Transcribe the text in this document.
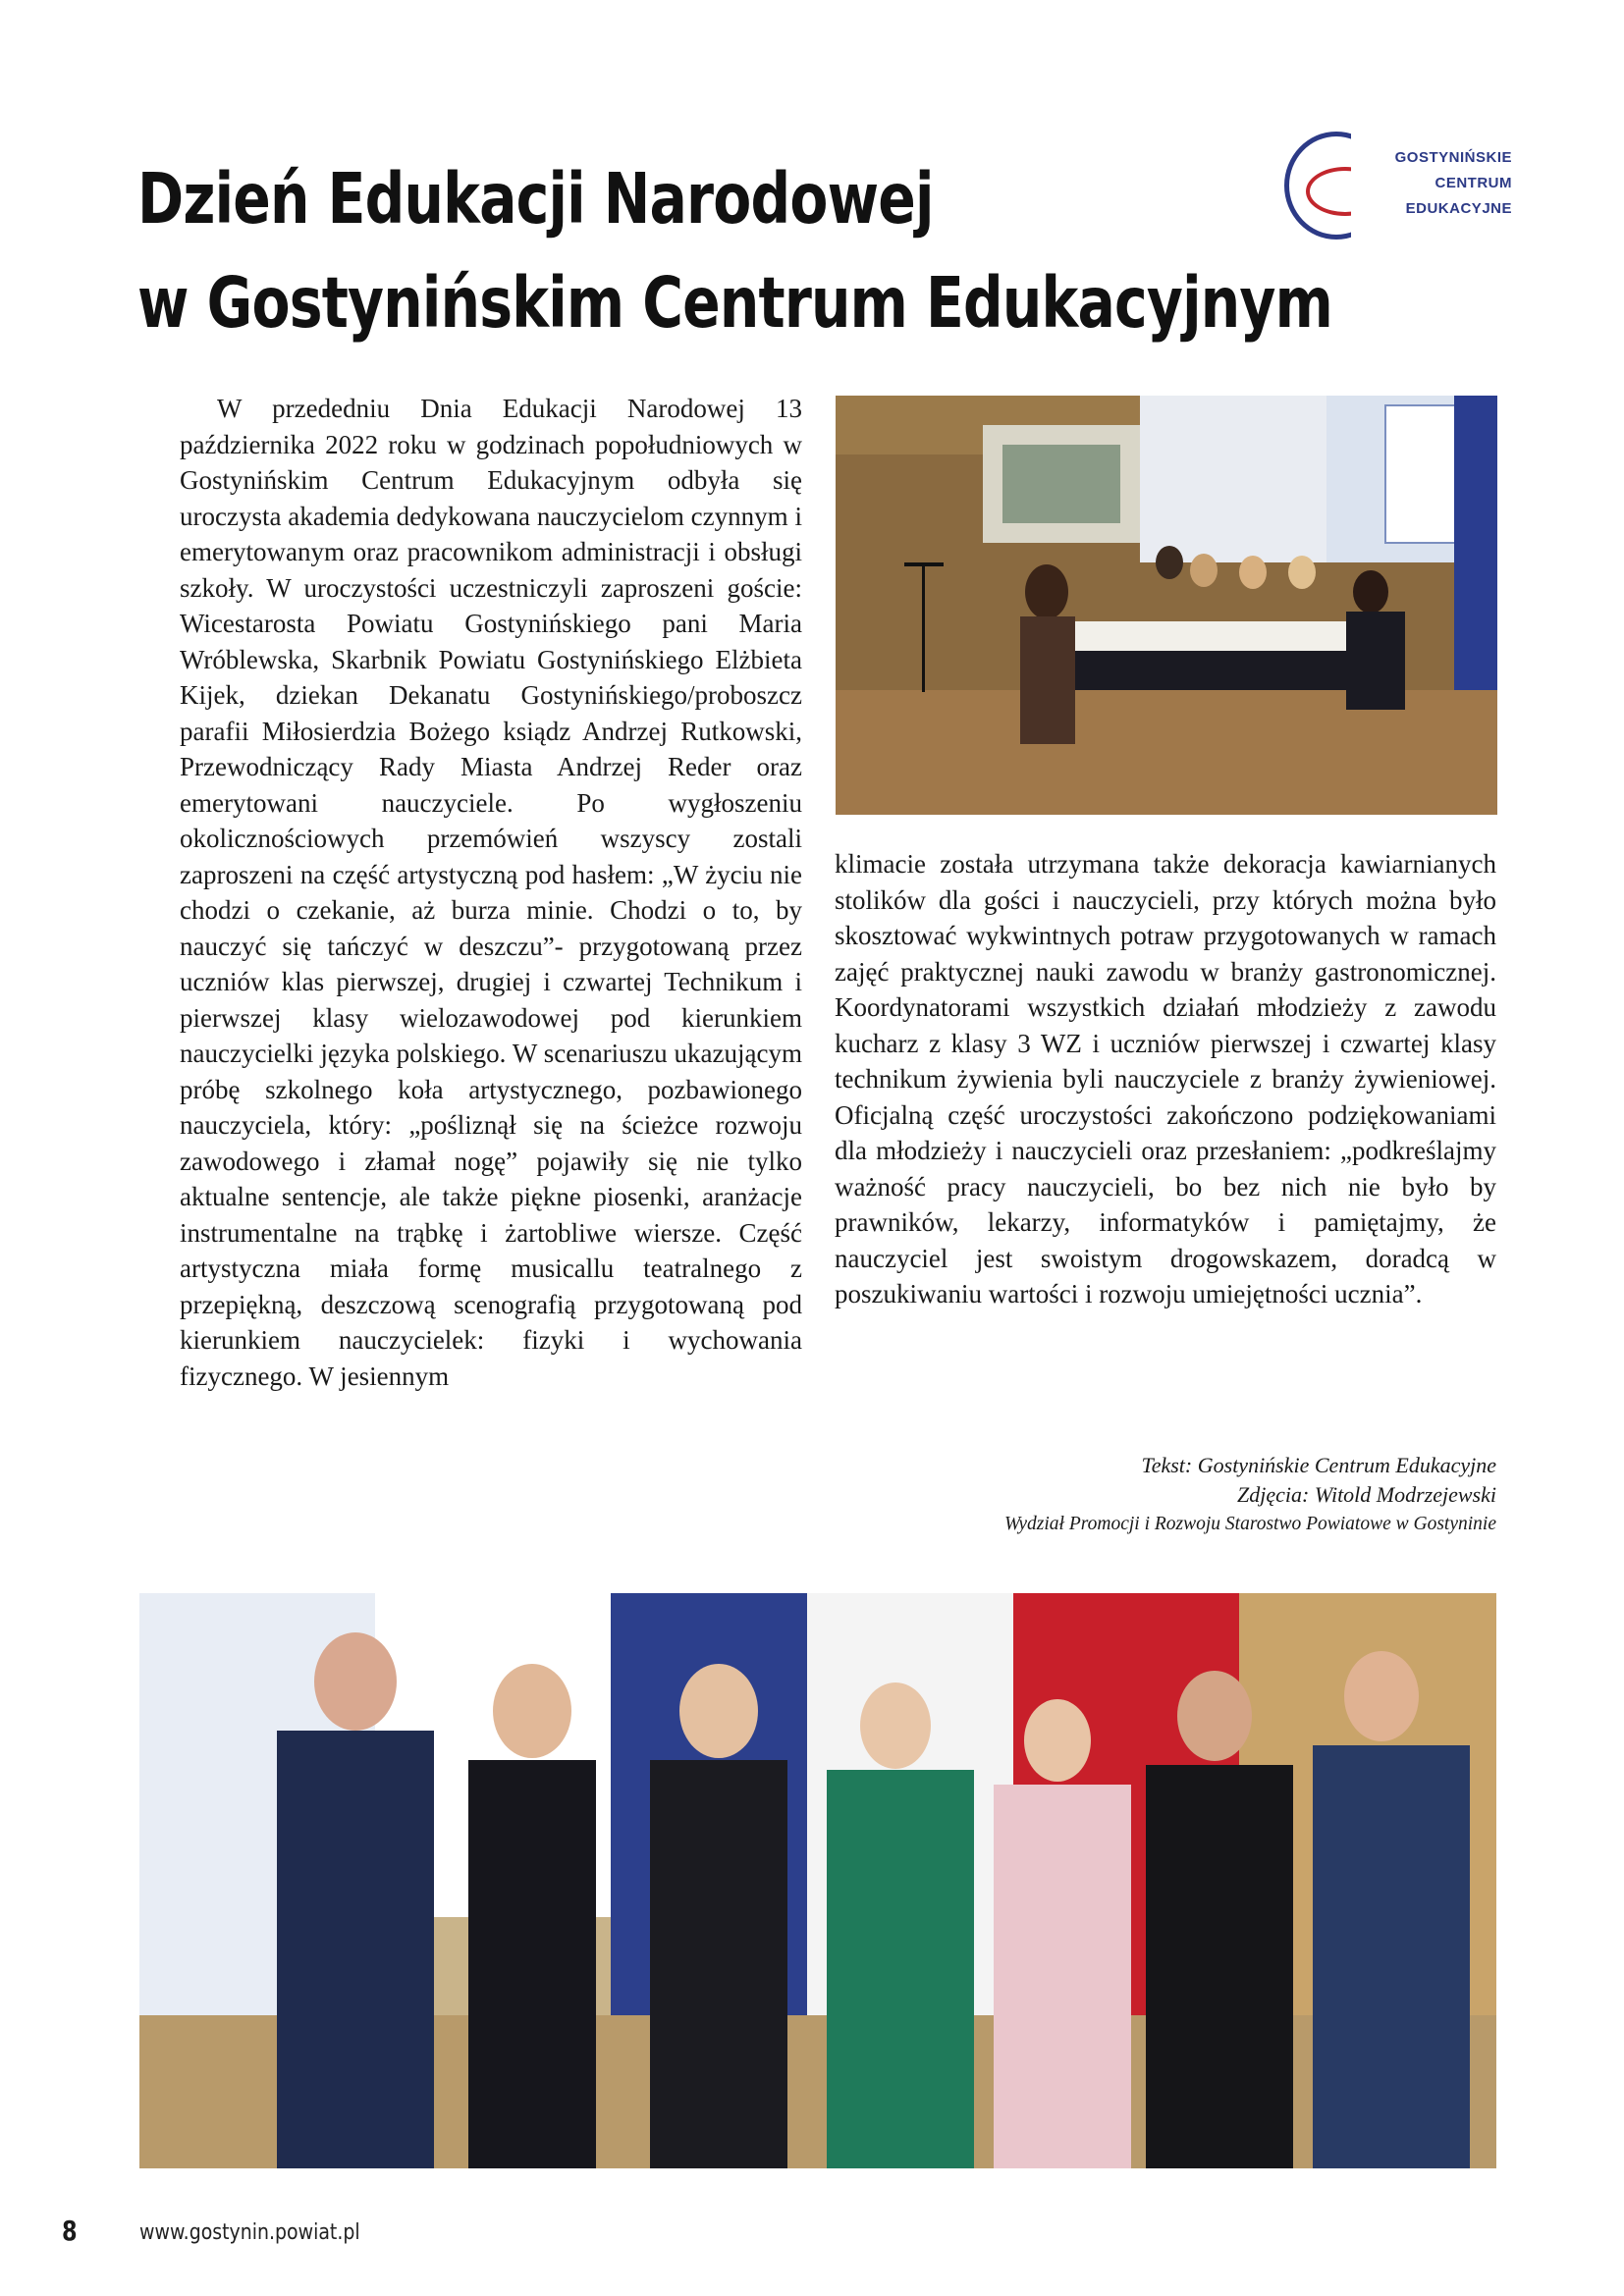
Dzień Edukacji Narodowej
w Gostynińskim Centrum Edukacyjnym
GOSTYNIŃSKIE
CENTRUM
EDUKACYJNE

W przededniu Dnia Edukacji Narodowej 13 października 2022 roku w godzinach popołudniowych w Gostynińskim Centrum Edukacyjnym odbyła się uroczysta akademia dedykowana nauczycielom czynnym i emerytowanym oraz pracownikom administracji i obsługi szkoły. W uroczystości uczestniczyli zaproszeni goście: Wicestarosta Powiatu Gostynińskiego pani Maria Wróblewska, Skarbnik Powiatu Gostynińskiego Elżbieta Kijek, dziekan Dekanatu Gostynińskiego/proboszcz parafii Miłosierdzia Bożego ksiądz Andrzej Rutkowski, Przewodniczący Rady Miasta Andrzej Reder oraz emerytowani nauczyciele. Po wygłoszeniu okolicznościowych przemówień wszyscy zostali zaproszeni na część artystyczną pod hasłem: „W życiu nie chodzi o czekanie, aż burza minie. Chodzi o to, by nauczyć się tańczyć w deszczu”- przygotowaną przez uczniów klas pierwszej, drugiej i czwartej Technikum i pierwszej klasy wielozawodowej pod kierunkiem nauczycielki języka polskiego. W scenariuszu ukazującym próbę szkolnego koła artystycznego, pozbawionego nauczyciela, który: „pośliznął się na ścieżce rozwoju zawodowego i złamał nogę” pojawiły się nie tylko aktualne sentencje, ale także piękne piosenki, aranżacje instrumentalne na trąbkę i żartobliwe wiersze. Część artystyczna miała formę musicallu teatralnego z przepiękną, deszczową scenografią przygotowaną pod kierunkiem nauczycielek: fizyki i wychowania fizycznego. W jesiennym

klimacie została utrzymana także dekoracja kawiarnianych stolików dla gości i nauczycieli, przy których można było skosztować wykwintnych potraw przygotowanych w ramach zajęć praktycznej nauki zawodu w branży gastronomicznej. Koordynatorami wszystkich działań młodzieży z zawodu kucharz z klasy 3 WZ i uczniów pierwszej i czwartej klasy technikum żywienia byli nauczyciele z branży żywieniowej. Oficjalną część uroczystości zakończono podziękowaniami dla młodzieży i nauczycieli oraz przesłaniem: „podkreślajmy ważność pracy nauczycieli, bo bez nich nie było by prawników, lekarzy, informatyków i pamiętajmy, że nauczyciel jest swoistym drogowskazem, doradcą w poszukiwaniu wartości i rozwoju umiejętności ucznia”.

Tekst: Gostynińskie Centrum Edukacyjne
Zdjęcia: Witold Modrzejewski
Wydział Promocji i Rozwoju Starostwo Powiatowe w Gostyninie
8	www.gostynin.powiat.pl
